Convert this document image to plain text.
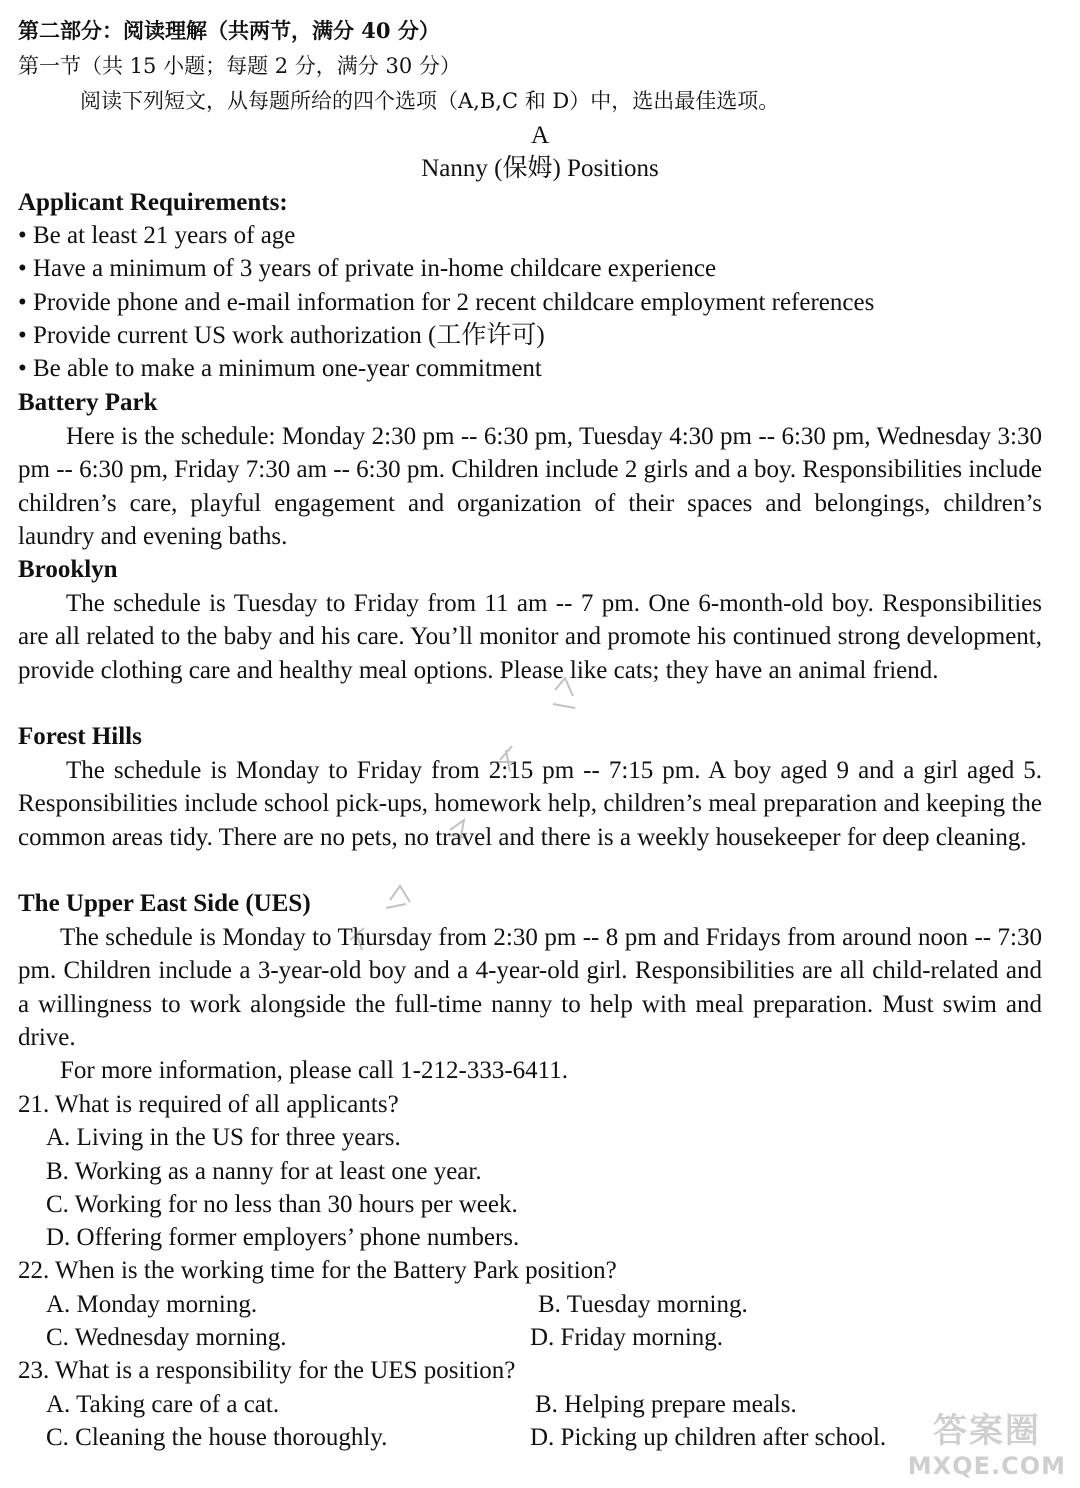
第二部分：阅读理解（共两节，满分 40 分）
第一节（共 15 小题；每题 2 分，满分 30 分）
阅读下列短文，从每题所给的四个选项（A,B,C 和 D）中，选出最佳选项。
A
Nanny (保姆) Positions
Applicant Requirements:
• Be at least 21 years of age
• Have a minimum of 3 years of private in-home childcare experience
• Provide phone and e-mail information for 2 recent childcare employment references
• Provide current US work authorization (工作许可)
• Be able to make a minimum one-year commitment
Battery Park

Here is the schedule: Monday 2:30 pm -- 6:30 pm, Tuesday 4:30 pm -- 6:30 pm, Wednesday 3:30 pm -- 6:30 pm, Friday 7:30 am -- 6:30 pm. Children include 2 girls and a boy. Responsibilities include children’s care, playful engagement and organization of their spaces and belongings, children’s laundry and evening baths.

Brooklyn

The schedule is Tuesday to Friday from 11 am -- 7 pm. One 6-month-old boy. Responsibilities are all related to the baby and his care. You’ll monitor and promote his continued strong development, provide clothing care and healthy meal options. Please like cats; they have an animal friend.

Forest Hills

The schedule is Monday to Friday from 2:15 pm -- 7:15 pm. A boy aged 9 and a girl aged 5. Responsibilities include school pick-ups, homework help, children’s meal preparation and keeping the common areas tidy. There are no pets, no travel and there is a weekly housekeeper for deep cleaning.

The Upper East Side (UES)

The schedule is Monday to Thursday from 2:30 pm -- 8 pm and Fridays from around noon -- 7:30 pm. Children include a 3-year-old boy and a 4-year-old girl. Responsibilities are all child-related and a willingness to work alongside the full-time nanny to help with meal preparation. Must swim and drive.

For more information, please call 1-212-333-6411.
21. What is required of all applicants?
A. Living in the US for three years.
B. Working as a nanny for at least one year.
C. Working for no less than 30 hours per week.
D. Offering former employers’ phone numbers.
22. When is the working time for the Battery Park position?
A. Monday morning.	B. Tuesday morning.
C. Wednesday morning.	D. Friday morning.
23. What is a responsibility for the UES position?
A. Taking care of a cat.	B. Helping prepare meals.
C. Cleaning the house thoroughly.	D. Picking up children after school.	答案圈
MXQE.COM
